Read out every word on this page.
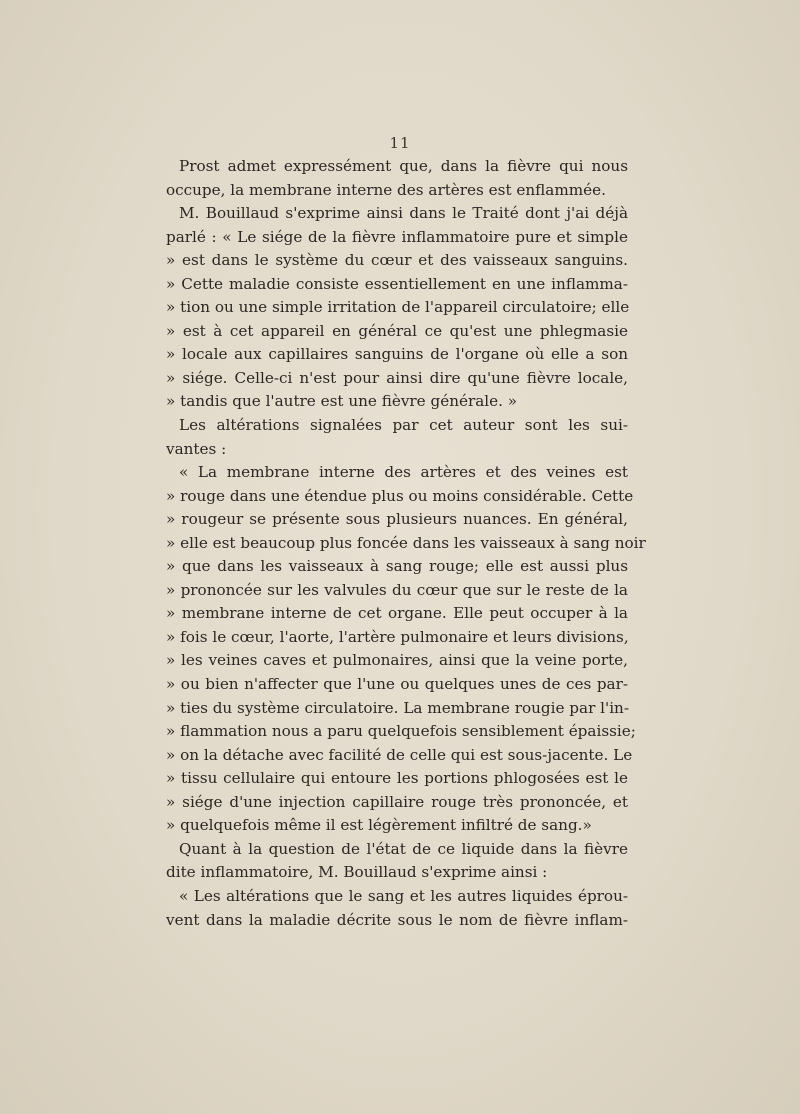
11
Prost admet expressément que, dans la fièvre qui nous
occupe, la membrane interne des artères est enflammée.
M. Bouillaud s'exprime ainsi dans le Traité dont j'ai déjà
parlé : « Le siége de la fièvre inflammatoire pure et simple
» est dans le système du cœur et des vaisseaux sanguins.
» Cette maladie consiste essentiellement en une inflamma-
» tion ou une simple irritation de l'appareil circulatoire; elle
» est à cet appareil en général ce qu'est une phlegmasie
» locale aux capillaires sanguins de l'organe où elle a son
» siége. Celle-ci n'est pour ainsi dire qu'une fièvre locale,
» tandis que l'autre est une fièvre générale. »
Les altérations signalées par cet auteur sont les sui-
vantes :
« La membrane interne des artères et des veines est
» rouge dans une étendue plus ou moins considérable. Cette
» rougeur se présente sous plusieurs nuances. En général,
» elle est beaucoup plus foncée dans les vaisseaux à sang noir
» que dans les vaisseaux à sang rouge; elle est aussi plus
» prononcée sur les valvules du cœur que sur le reste de la
» membrane interne de cet organe. Elle peut occuper à la
» fois le cœur, l'aorte, l'artère pulmonaire et leurs divisions,
» les veines caves et pulmonaires, ainsi que la veine porte,
» ou bien n'affecter que l'une ou quelques unes de ces par-
» ties du système circulatoire. La membrane rougie par l'in-
» flammation nous a paru quelquefois sensiblement épaissie;
» on la détache avec facilité de celle qui est sous-jacente. Le
» tissu cellulaire qui entoure les portions phlogosées est le
» siége d'une injection capillaire rouge très prononcée, et
» quelquefois même il est légèrement infiltré de sang.»
Quant à la question de l'état de ce liquide dans la fièvre
dite inflammatoire, M. Bouillaud s'exprime ainsi :
« Les altérations que le sang et les autres liquides éprou-
vent dans la maladie décrite sous le nom de fièvre inflam-
